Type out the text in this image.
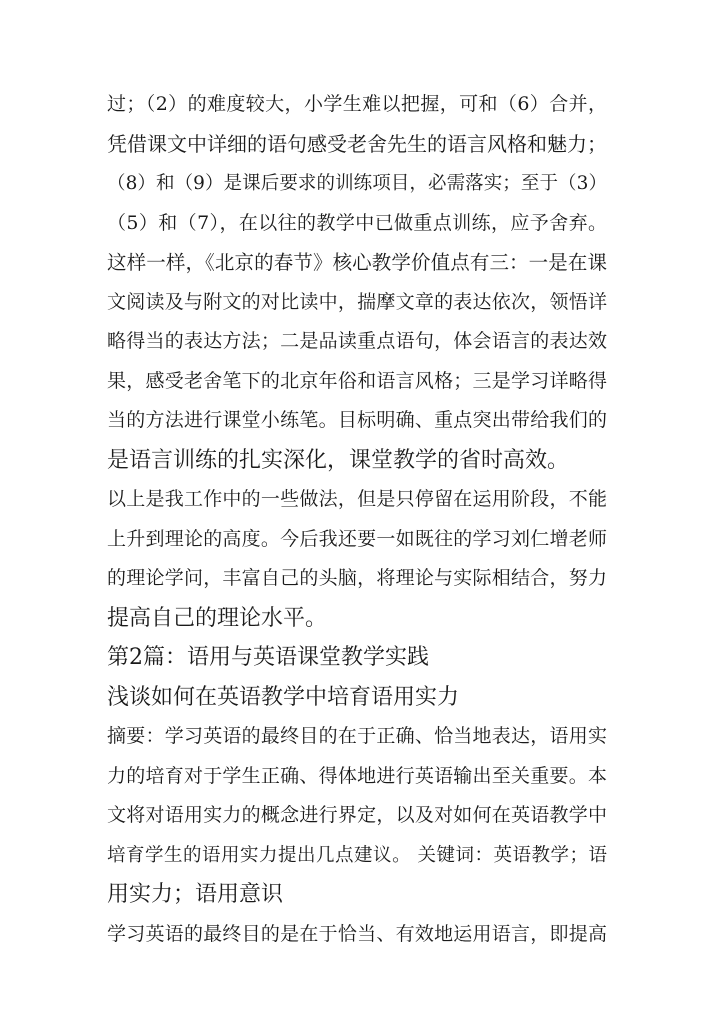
过；（2）的难度较大，小学生难以把握，可和（6）合并，
凭借课文中详细的语句感受老舍先生的语言风格和魅力；
（8）和（9）是课后要求的训练项目，必需落实；至于（3）
（5）和（7），在以往的教学中已做重点训练，应予舍弃。
这样一样，《北京的春节》核心教学价值点有三：一是在课
文阅读及与附文的对比读中，揣摩文章的表达依次，领悟详
略得当的表达方法；二是品读重点语句，体会语言的表达效
果，感受老舍笔下的北京年俗和语言风格；三是学习详略得
当的方法进行课堂小练笔。目标明确、重点突出带给我们的
是语言训练的扎实深化，课堂教学的省时高效。
以上是我工作中的一些做法，但是只停留在运用阶段，不能
上升到理论的高度。今后我还要一如既往的学习刘仁增老师
的理论学问，丰富自己的头脑，将理论与实际相结合，努力
提高自己的理论水平。
第2篇：语用与英语课堂教学实践
浅谈如何在英语教学中培育语用实力
摘要：学习英语的最终目的在于正确、恰当地表达，语用实
力的培育对于学生正确、得体地进行英语输出至关重要。本
文将对语用实力的概念进行界定，以及对如何在英语教学中
培育学生的语用实力提出几点建议。 关键词：英语教学；语
用实力；语用意识
学习英语的最终目的是在于恰当、有效地运用语言，即提高
